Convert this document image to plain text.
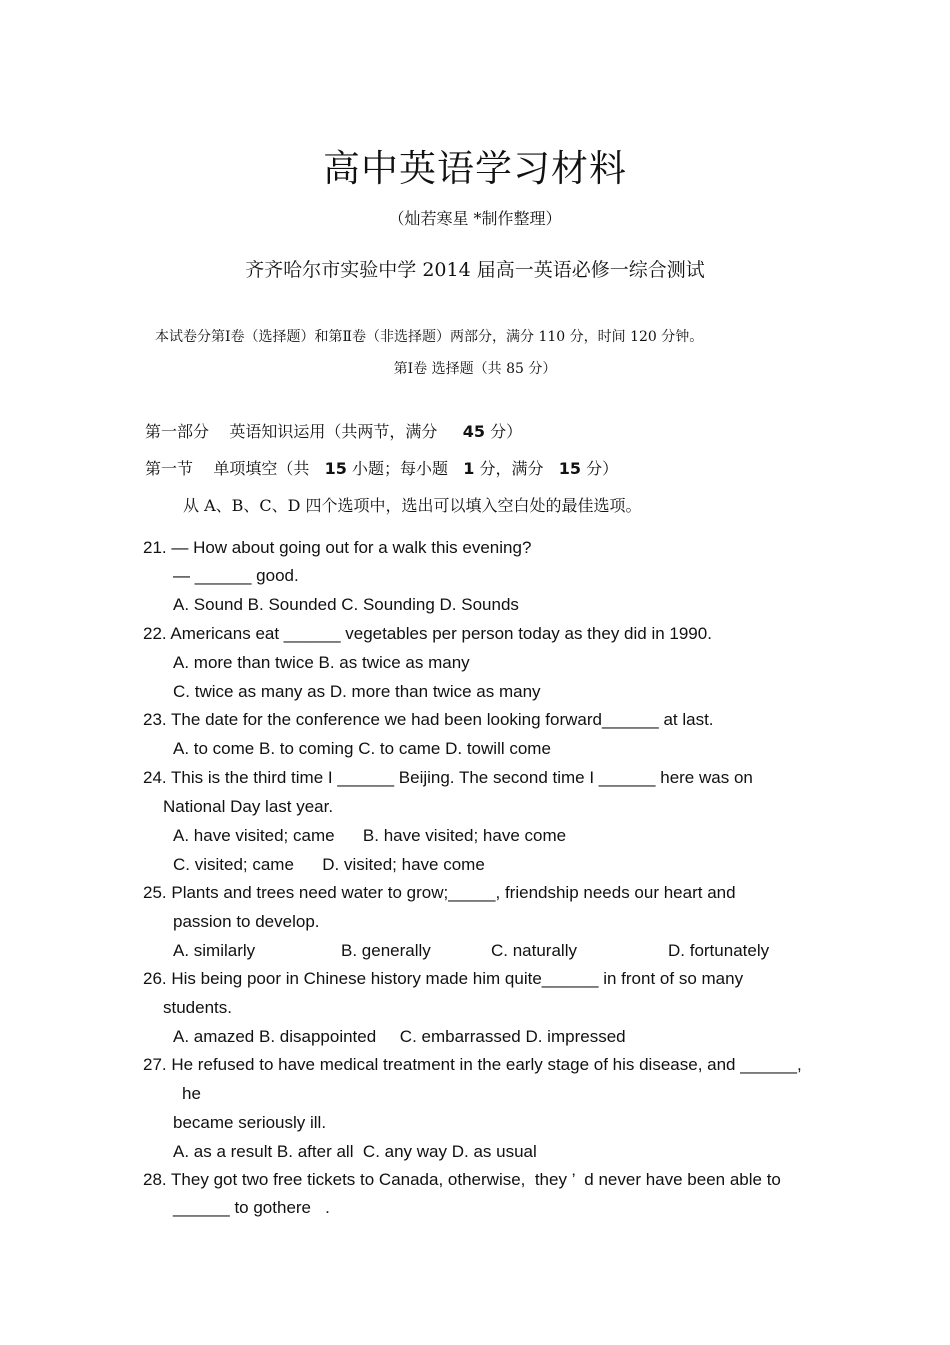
高中英语学习材料
（灿若寒星 *制作整理）
齐齐哈尔市实验中学 2014 届高一英语必修一综合测试
本试卷分第Ⅰ卷（选择题）和第Ⅱ卷（非选择题）两部分，满分 110 分，时间 120 分钟。
第Ⅰ卷 选择题（共 85 分）
第一部分    英语知识运用（共两节，满分     45 分）
第一节    单项填空（共   15 小题；每小题   1 分，满分   15 分）
从 A、B、C、D 四个选项中，选出可以填入空白处的最佳选项。
21. — How about going out for a walk this evening?
— ______ good.
A. Sound B. Sounded C. Sounding D. Sounds
22. Americans eat ______ vegetables per person today as they did in 1990.
A. more than twice B. as twice as many
C. twice as many as D. more than twice as many
23. The date for the conference we had been looking forward______ at last.
A. to come B. to coming C. to came D. towill come
24. This is the third time I ______ Beijing. The second time I ______ here was on
National Day last year.
A. have visited; came      B. have visited; have come
C. visited; came      D. visited; have come
25. Plants and trees need water to grow;_____, friendship needs our heart and
passion to develop.
A. similarly	B. generally	C. naturally	D. fortunately
26. His being poor in Chinese history made him quite______ in front of so many
students.
A. amazed B. disappointed     C. embarrassed D. impressed
27. He refused to have medical treatment in the early stage of his disease, and ______,
he
became seriously ill.
A. as a result B. after all  C. any way D. as usual
28. They got two free tickets to Canada, otherwise,  they ’  d never have been able to
______ to gothere   .
